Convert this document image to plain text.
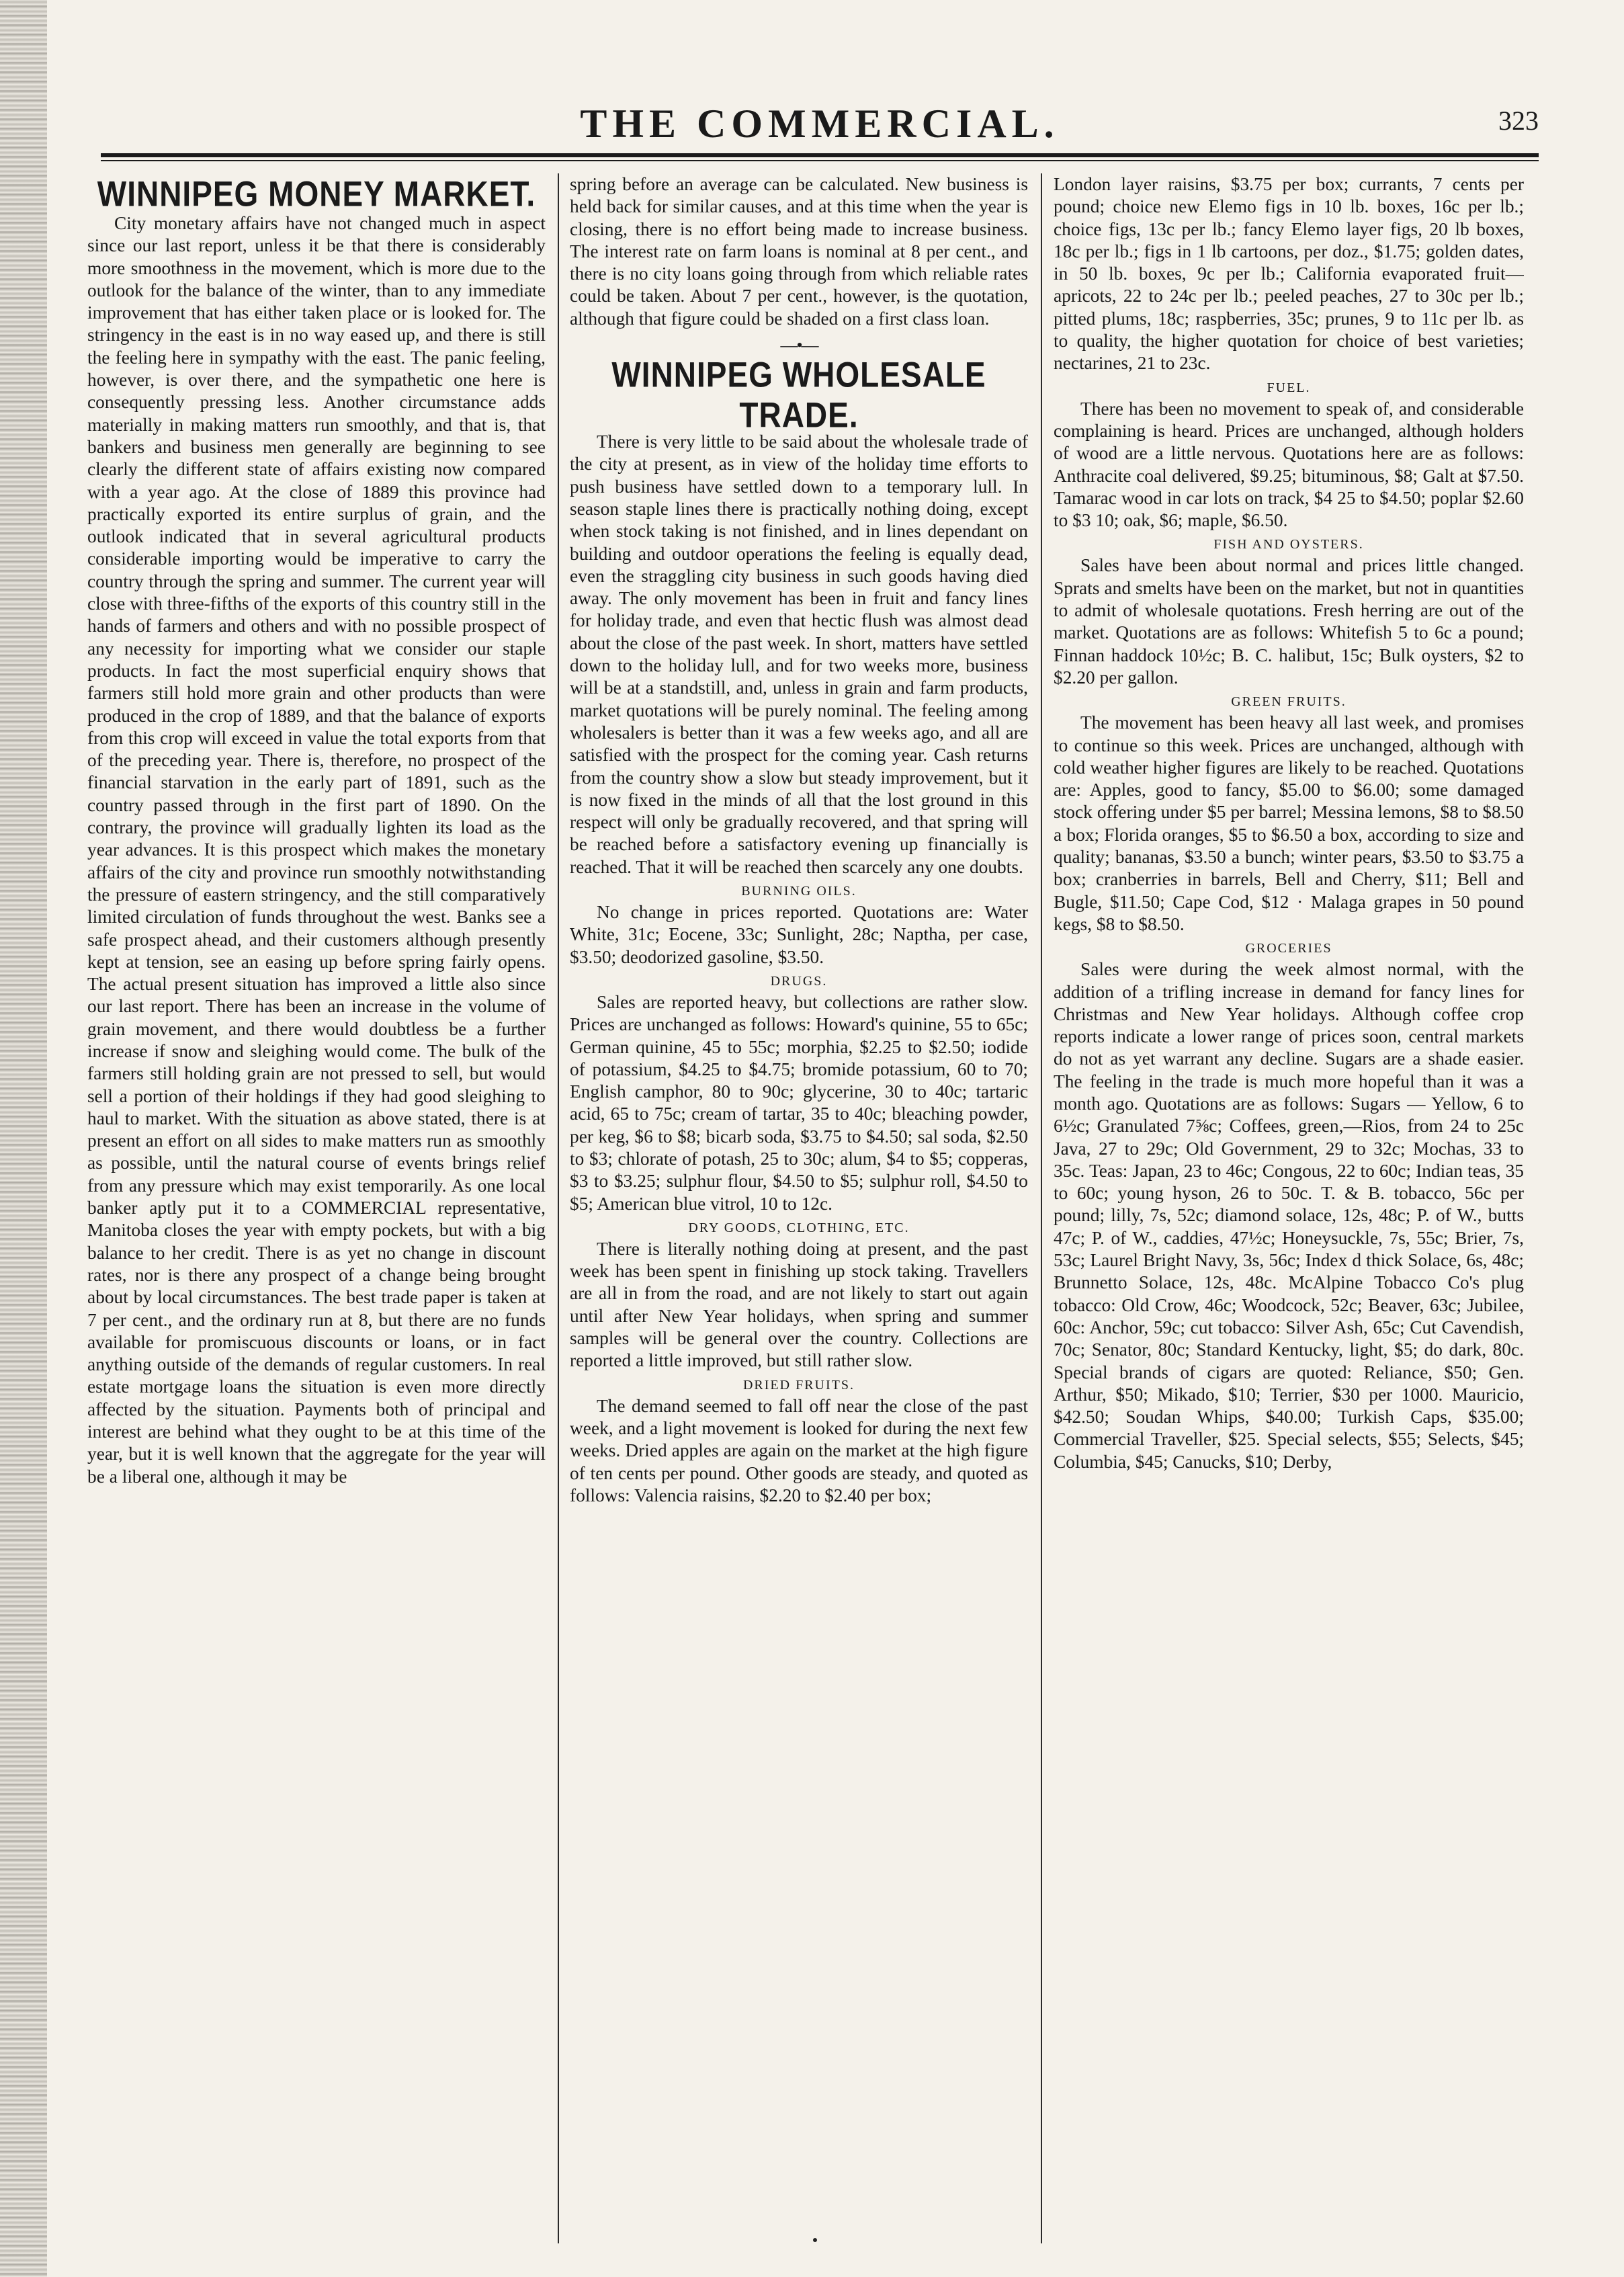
THE COMMERCIAL.	323
WINNIPEG MONEY MARKET.

City monetary affairs have not changed much in aspect since our last report, unless it be that there is considerably more smoothness in the movement, which is more due to the outlook for the balance of the winter, than to any immediate improvement that has either taken place or is looked for. The stringency in the east is in no way eased up, and there is still the feeling here in sympathy with the east. The panic feeling, however, is over there, and the sympathetic one here is consequently pressing less. Another circumstance adds materially in making matters run smoothly, and that is, that bankers and business men generally are beginning to see clearly the different state of affairs existing now compared with a year ago. At the close of 1889 this province had practically exported its entire surplus of grain, and the outlook indicated that in several agricultural products considerable importing would be imperative to carry the country through the spring and summer. The current year will close with three-fifths of the exports of this country still in the hands of farmers and others and with no possible prospect of any necessity for importing what we consider our staple products. In fact the most superficial enquiry shows that farmers still hold more grain and other products than were produced in the crop of 1889, and that the balance of exports from this crop will exceed in value the total exports from that of the preceding year. There is, therefore, no prospect of the financial starvation in the early part of 1891, such as the country passed through in the first part of 1890. On the contrary, the province will gradually lighten its load as the year advances. It is this prospect which makes the monetary affairs of the city and province run smoothly notwithstanding the pressure of eastern stringency, and the still comparatively limited circulation of funds throughout the west. Banks see a safe prospect ahead, and their customers although presently kept at tension, see an easing up before spring fairly opens. The actual present situation has improved a little also since our last report. There has been an increase in the volume of grain movement, and there would doubtless be a further increase if snow and sleighing would come. The bulk of the farmers still holding grain are not pressed to sell, but would sell a portion of their holdings if they had good sleighing to haul to market. With the situation as above stated, there is at present an effort on all sides to make matters run as smoothly as possible, until the natural course of events brings relief from any pressure which may exist temporarily. As one local banker aptly put it to a COMMERCIAL representative, Manitoba closes the year with empty pockets, but with a big balance to her credit. There is as yet no change in discount rates, nor is there any prospect of a change being brought about by local circumstances. The best trade paper is taken at 7 per cent., and the ordinary run at 8, but there are no funds available for promiscuous discounts or loans, or in fact anything outside of the demands of regular customers. In real estate mortgage loans the situation is even more directly affected by the situation. Payments both of principal and interest are behind what they ought to be at this time of the year, but it is well known that the aggregate for the year will be a liberal one, although it may be

spring before an average can be calculated. New business is held back for similar causes, and at this time when the year is closing, there is no effort being made to increase business. The interest rate on farm loans is nominal at 8 per cent., and there is no city loans going through from which reliable rates could be taken. About 7 per cent., however, is the quotation, although that figure could be shaded on a first class loan.

—•—
WINNIPEG WHOLESALE TRADE.

There is very little to be said about the wholesale trade of the city at present, as in view of the holiday time efforts to push business have settled down to a temporary lull. In season staple lines there is practically nothing doing, except when stock taking is not finished, and in lines dependant on building and outdoor operations the feeling is equally dead, even the straggling city business in such goods having died away. The only movement has been in fruit and fancy lines for holiday trade, and even that hectic flush was almost dead about the close of the past week. In short, matters have settled down to the holiday lull, and for two weeks more, business will be at a standstill, and, unless in grain and farm products, market quotations will be purely nominal. The feeling among wholesalers is better than it was a few weeks ago, and all are satisfied with the prospect for the coming year. Cash returns from the country show a slow but steady improvement, but it is now fixed in the minds of all that the lost ground in this respect will only be gradually recovered, and that spring will be reached before a satisfactory evening up financially is reached. That it will be reached then scarcely any one doubts.

BURNING OILS.

No change in prices reported. Quotations are: Water White, 31c; Eocene, 33c; Sunlight, 28c; Naptha, per case, $3.50; deodorized gasoline, $3.50.

DRUGS.

Sales are reported heavy, but collections are rather slow. Prices are unchanged as follows: Howard's quinine, 55 to 65c; German quinine, 45 to 55c; morphia, $2.25 to $2.50; iodide of potassium, $4.25 to $4.75; bromide potassium, 60 to 70; English camphor, 80 to 90c; glycerine, 30 to 40c; tartaric acid, 65 to 75c; cream of tartar, 35 to 40c; bleaching powder, per keg, $6 to $8; bicarb soda, $3.75 to $4.50; sal soda, $2.50 to $3; chlorate of potash, 25 to 30c; alum, $4 to $5; copperas, $3 to $3.25; sulphur flour, $4.50 to $5; sulphur roll, $4.50 to $5; American blue vitrol, 10 to 12c.

DRY GOODS, CLOTHING, ETC.

There is literally nothing doing at present, and the past week has been spent in finishing up stock taking. Travellers are all in from the road, and are not likely to start out again until after New Year holidays, when spring and summer samples will be general over the country. Collections are reported a little improved, but still rather slow.

DRIED FRUITS.

The demand seemed to fall off near the close of the past week, and a light movement is looked for during the next few weeks. Dried apples are again on the market at the high figure of ten cents per pound. Other goods are steady, and quoted as follows: Valencia raisins, $2.20 to $2.40 per box;

London layer raisins, $3.75 per box; currants, 7 cents per pound; choice new Elemo figs in 10 lb. boxes, 16c per lb.; choice figs, 13c per lb.; fancy Elemo layer figs, 20 lb boxes, 18c per lb.; figs in 1 lb cartoons, per doz., $1.75; golden dates, in 50 lb. boxes, 9c per lb.; California evaporated fruit—apricots, 22 to 24c per lb.; peeled peaches, 27 to 30c per lb.; pitted plums, 18c; raspberries, 35c; prunes, 9 to 11c per lb. as to quality, the higher quotation for choice of best varieties; nectarines, 21 to 23c.

FUEL.

There has been no movement to speak of, and considerable complaining is heard. Prices are unchanged, although holders of wood are a little nervous. Quotations here are as follows: Anthracite coal delivered, $9.25; bituminous, $8; Galt at $7.50. Tamarac wood in car lots on track, $4 25 to $4.50; poplar $2.60 to $3 10; oak, $6; maple, $6.50.

FISH AND OYSTERS.

Sales have been about normal and prices little changed. Sprats and smelts have been on the market, but not in quantities to admit of wholesale quotations. Fresh herring are out of the market. Quotations are as follows: Whitefish 5 to 6c a pound; Finnan haddock 10½c; B. C. halibut, 15c; Bulk oysters, $2 to $2.20 per gallon.

GREEN FRUITS.

The movement has been heavy all last week, and promises to continue so this week. Prices are unchanged, although with cold weather higher figures are likely to be reached. Quotations are: Apples, good to fancy, $5.00 to $6.00; some damaged stock offering under $5 per barrel; Messina lemons, $8 to $8.50 a box; Florida oranges, $5 to $6.50 a box, according to size and quality; bananas, $3.50 a bunch; winter pears, $3.50 to $3.75 a box; cranberries in barrels, Bell and Cherry, $11; Bell and Bugle, $11.50; Cape Cod, $12 · Malaga grapes in 50 pound kegs, $8 to $8.50.

GROCERIES

Sales were during the week almost normal, with the addition of a trifling increase in demand for fancy lines for Christmas and New Year holidays. Although coffee crop reports indicate a lower range of prices soon, central markets do not as yet warrant any decline. Sugars are a shade easier. The feeling in the trade is much more hopeful than it was a month ago. Quotations are as follows: Sugars — Yellow, 6 to 6½c; Granulated 7⅝c; Coffees, green,—Rios, from 24 to 25c Java, 27 to 29c; Old Government, 29 to 32c; Mochas, 33 to 35c. Teas: Japan, 23 to 46c; Congous, 22 to 60c; Indian teas, 35 to 60c; young hyson, 26 to 50c. T. & B. tobacco, 56c per pound; lilly, 7s, 52c; diamond solace, 12s, 48c; P. of W., butts 47c; P. of W., caddies, 47½c; Honeysuckle, 7s, 55c; Brier, 7s, 53c; Laurel Bright Navy, 3s, 56c; Index d thick Solace, 6s, 48c; Brunnetto Solace, 12s, 48c. McAlpine Tobacco Co's plug tobacco: Old Crow, 46c; Woodcock, 52c; Beaver, 63c; Jubilee, 60c: Anchor, 59c; cut tobacco: Silver Ash, 65c; Cut Cavendish, 70c; Senator, 80c; Standard Kentucky, light, $5; do dark, 80c. Special brands of cigars are quoted: Reliance, $50; Gen. Arthur, $50; Mikado, $10; Terrier, $30 per 1000. Mauricio, $42.50; Soudan Whips, $40.00; Turkish Caps, $35.00; Commercial Traveller, $25. Special selects, $55; Selects, $45; Columbia, $45; Canucks, $10; Derby,
